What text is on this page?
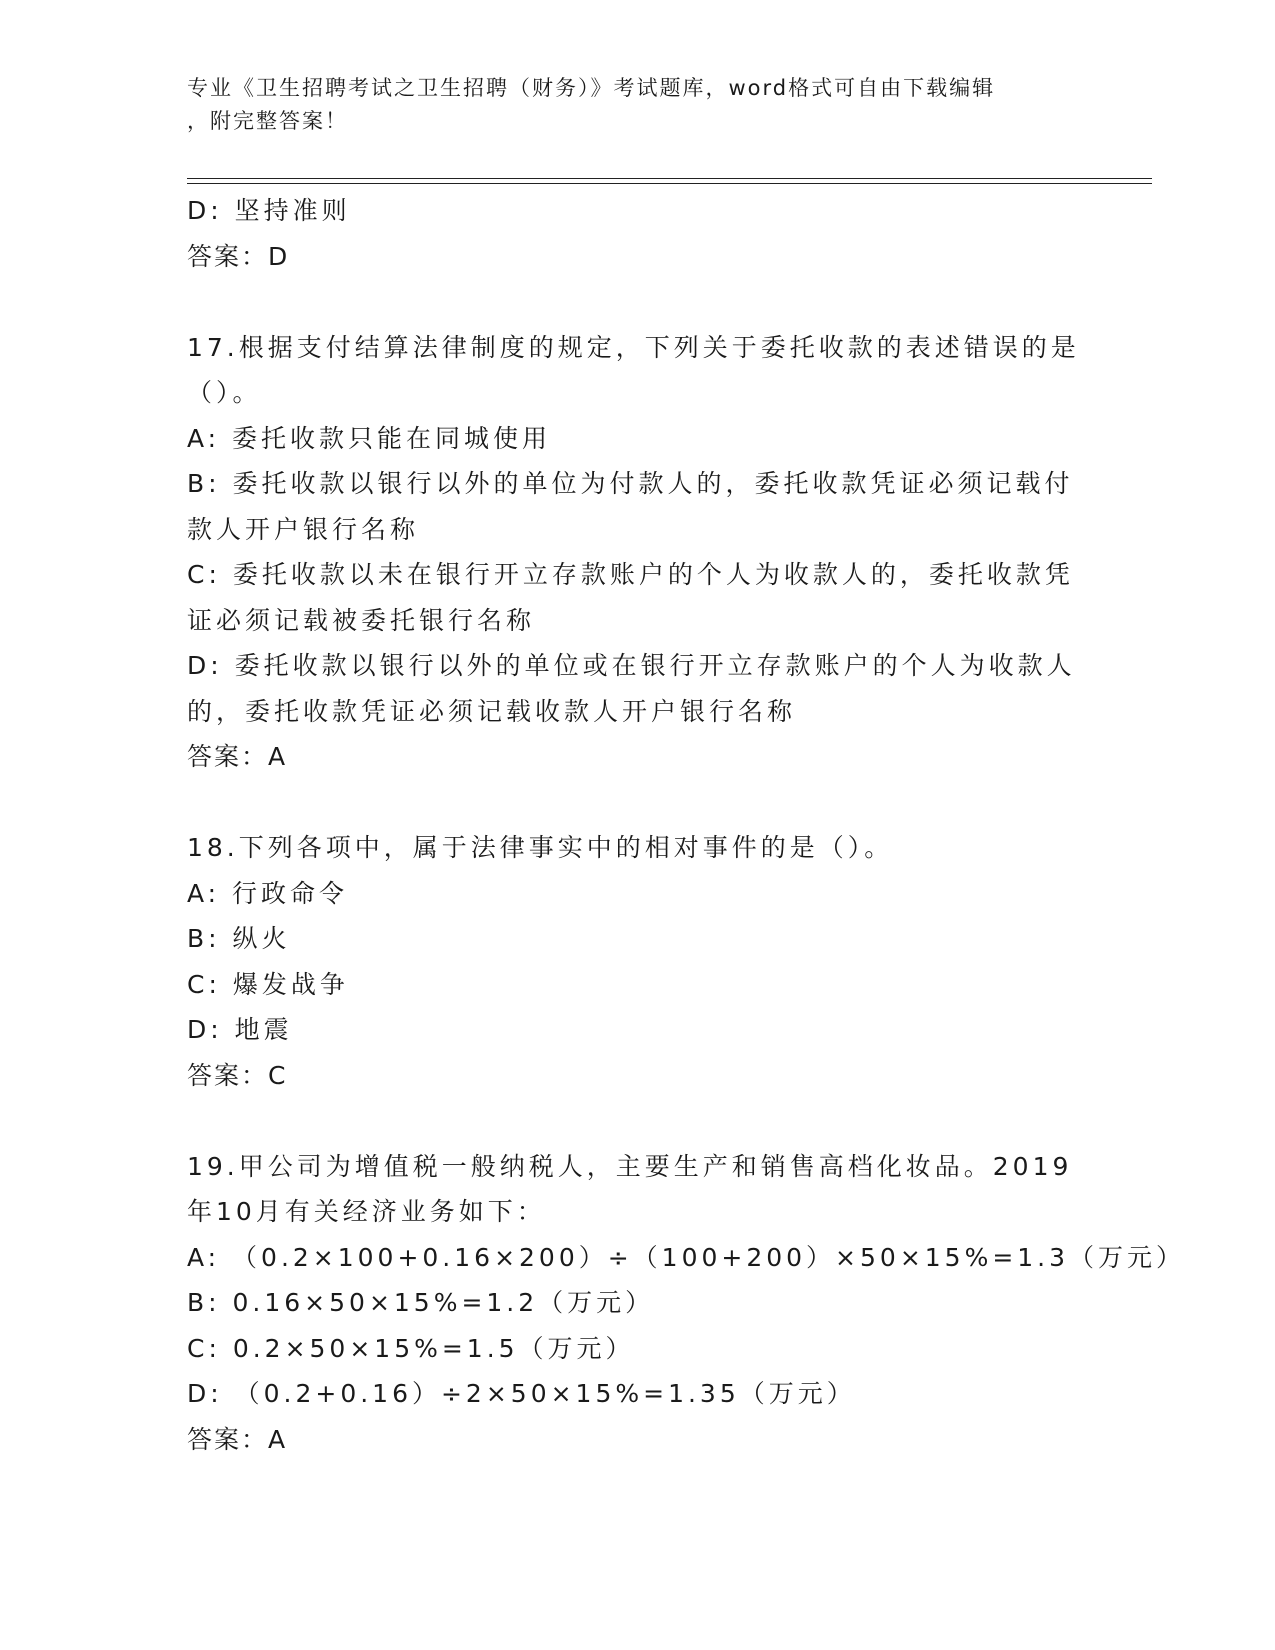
专业《卫生招聘考试之卫生招聘（财务）》考试题库，word格式可自由下载编辑
，附完整答案！
D: 坚持准则
答案：D
17.根据支付结算法律制度的规定，下列关于委托收款的表述错误的是
（）。
A: 委托收款只能在同城使用
B: 委托收款以银行以外的单位为付款人的，委托收款凭证必须记载付
款人开户银行名称
C: 委托收款以未在银行开立存款账户的个人为收款人的，委托收款凭
证必须记载被委托银行名称
D: 委托收款以银行以外的单位或在银行开立存款账户的个人为收款人
的，委托收款凭证必须记载收款人开户银行名称
答案：A
18.下列各项中，属于法律事实中的相对事件的是（）。
A: 行政命令
B: 纵火
C: 爆发战争
D: 地震
答案：C
19.甲公司为增值税一般纳税人，主要生产和销售高档化妆品。2019
年10月有关经济业务如下：
A: （0.2×100+0.16×200）÷（100+200）×50×15%=1.3（万元）
B: 0.16×50×15%=1.2（万元）
C: 0.2×50×15%=1.5（万元）
D: （0.2+0.16）÷2×50×15%=1.35（万元）
答案：A
